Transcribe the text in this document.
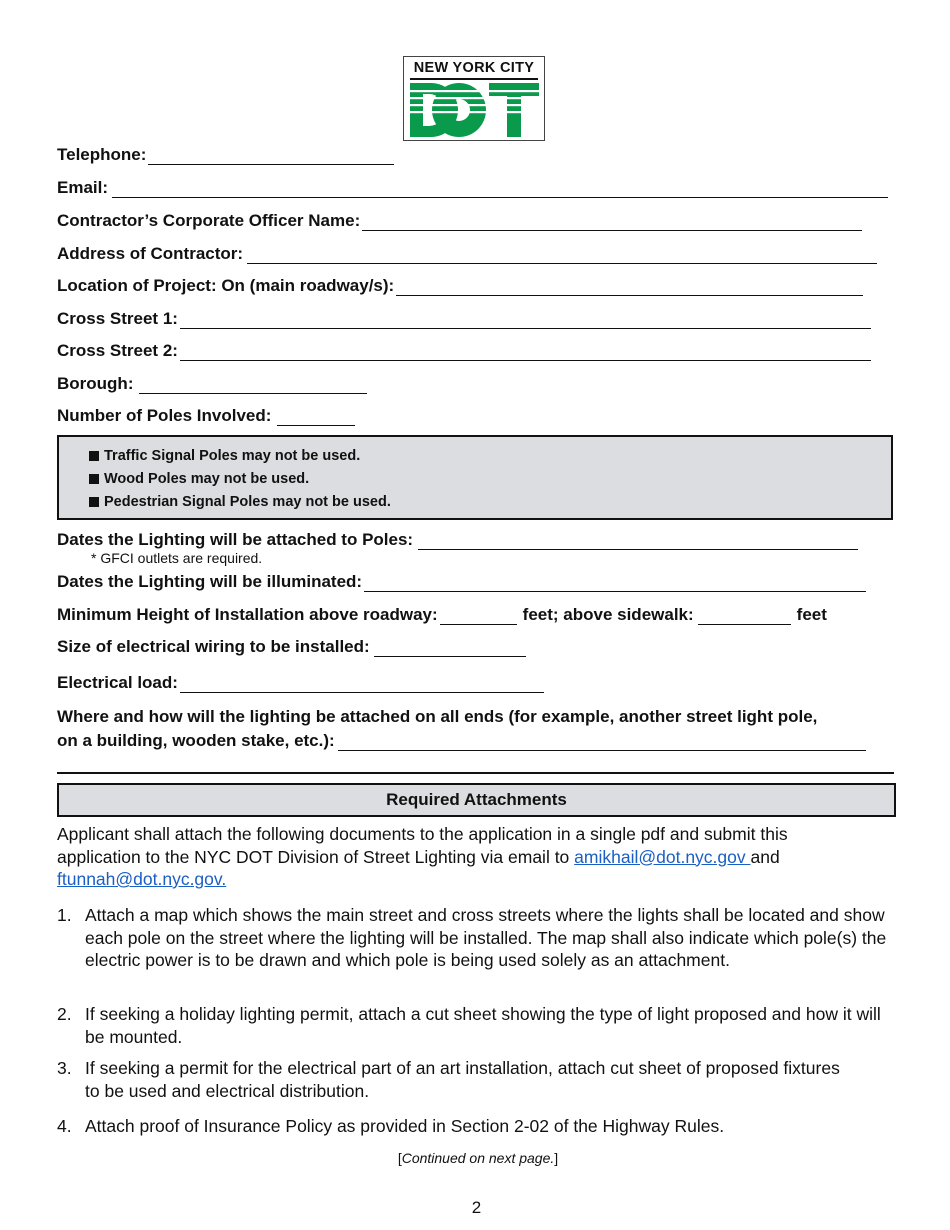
NEW YORK CITY
Telephone:
Email:
Contractor’s Corporate Officer Name:
Address of Contractor:
Location of Project: On (main roadway/s):
Cross Street 1:
Cross Street 2:
Borough:
Number of Poles Involved:
Traffic Signal Poles may not be used.
Wood Poles may not be used.
Pedestrian Signal Poles may not be used.
Dates the Lighting will be attached to Poles:
* GFCI outlets are required.
Dates the Lighting will be illuminated:
Minimum Height of Installation above roadway:	feet; above sidewalk:	feet
Size of electrical wiring to be installed:
Electrical load:
Where and how will the lighting be attached on all ends (for example, another street light pole,
on a building, wooden stake, etc.):
Required Attachments
Applicant shall attach the following documents to the application in a single pdf and submit this
application to the NYC DOT Division of Street Lighting via email to amikhail@dot.nyc.gov and
ftunnah@dot.nyc.gov.
1. Attach a map which shows the main street and cross streets where the lights shall be located and show each pole on the street where the lighting will be installed. The map shall also indicate which pole(s) the electric power is to be drawn and which pole is being used solely as an attachment.
2. If seeking a holiday lighting permit, attach a cut sheet showing the type of light proposed and how it will be mounted.
3. If seeking a permit for the electrical part of an art installation, attach cut sheet of proposed fixtures to be used and electrical distribution.
4. Attach proof of Insurance Policy as provided in Section 2-02 of the Highway Rules.
[Continued on next page.]
2
